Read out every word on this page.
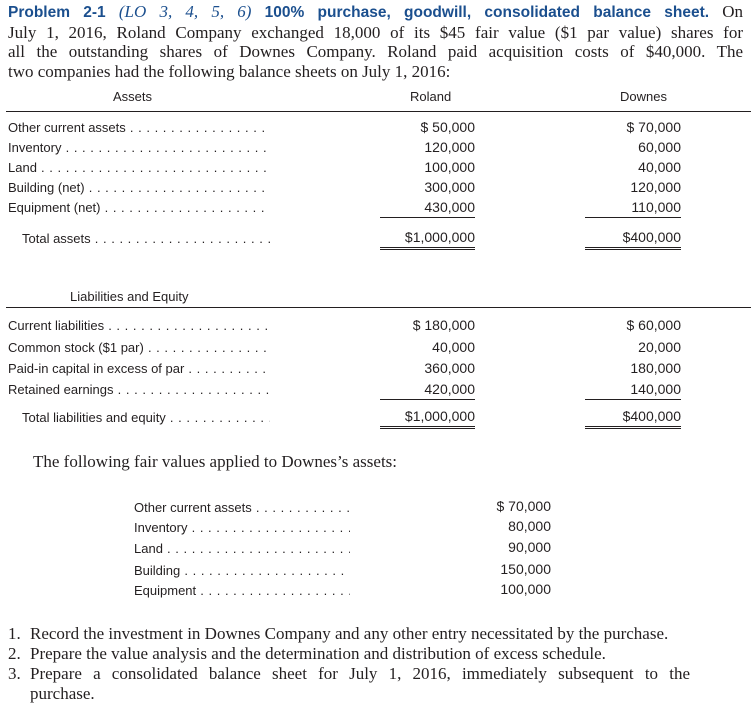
Problem 2-1 (LO 3, 4, 5, 6) 100% purchase, goodwill, consolidated balance sheet. On
July 1, 2016, Roland Company exchanged 18,000 of its $45 fair value ($1 par value) shares for
all the outstanding shares of Downes Company. Roland paid acquisition costs of $40,000. The
two companies had the following balance sheets on July 1, 2016:
Assets	Roland	Downes
Other current assets . . .
Inventory . . .
Land . . .
Building (net) . . .
Equipment (net) . . .
Total assets . . .
$ 50,000
120,000
100,000
300,000
430,000
$1,000,000
$ 70,000
60,000
40,000
120,000
110,000
$400,000
Liabilities and Equity
Current liabilities . . .
Common stock ($1 par) . . .
Paid-in capital in excess of par . . .
Retained earnings . . .
Total liabilities and equity . . .
$ 180,000
40,000
360,000
420,000
$1,000,000
$ 60,000
20,000
180,000
140,000
$400,000
The following fair values applied to Downes’s assets:
Other current assets . . .
Inventory . . .
Land . . .
Building . . .
Equipment . . .
$ 70,000
80,000
90,000
150,000
100,000
1. Record the investment in Downes Company and any other entry necessitated by the purchase.
2. Prepare the value analysis and the determination and distribution of excess schedule.
3. Prepare a consolidated balance sheet for July 1, 2016, immediately subsequent to the
purchase.
